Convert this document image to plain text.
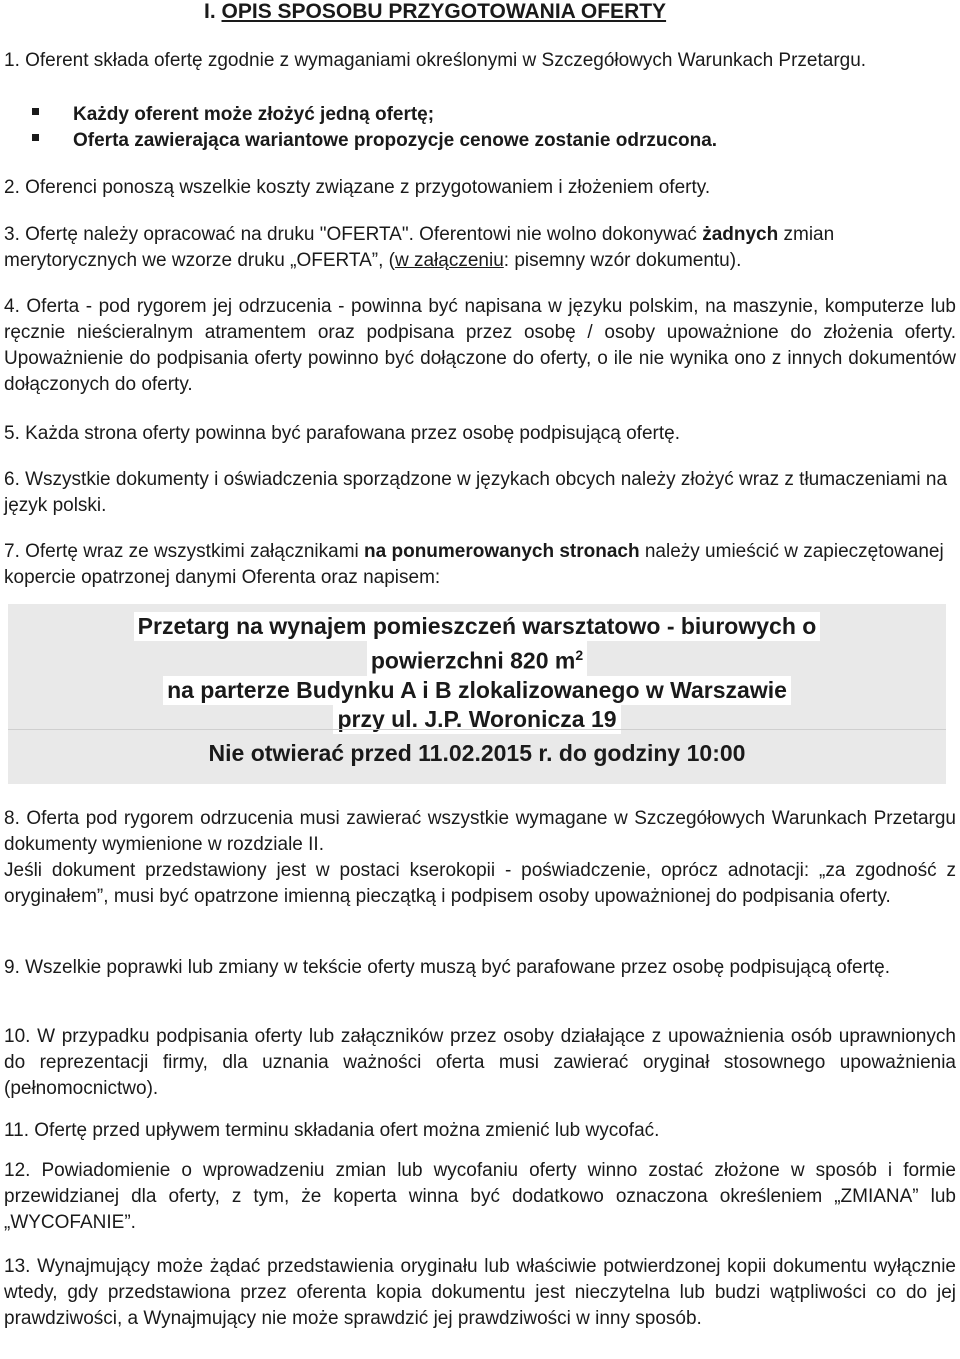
I. OPIS SPOSOBU PRZYGOTOWANIA OFERTY
1. Oferent składa ofertę zgodnie z wymaganiami określonymi w Szczegółowych Warunkach Przetargu.
Każdy oferent może złożyć jedną ofertę;
Oferta zawierająca wariantowe propozycje cenowe zostanie odrzucona.
2. Oferenci ponoszą wszelkie koszty związane z przygotowaniem i złożeniem oferty.
3. Ofertę należy opracować na druku "OFERTA". Oferentowi nie wolno dokonywać żadnych zmian merytorycznych we wzorze druku „OFERTA”, (w załączeniu: pisemny wzór dokumentu).
4. Oferta - pod rygorem jej odrzucenia - powinna być napisana w języku polskim, na maszynie, komputerze lub ręcznie nieścieralnym atramentem oraz podpisana przez osobę / osoby upoważnione do złożenia oferty. Upoważnienie do podpisania oferty powinno być dołączone do oferty, o ile nie wynika ono z innych dokumentów dołączonych do oferty.
5. Każda strona oferty powinna być parafowana przez osobę podpisującą ofertę.
6. Wszystkie dokumenty i oświadczenia sporządzone w językach obcych należy złożyć wraz z tłumaczeniami na język polski.
7. Ofertę wraz ze wszystkimi załącznikami na ponumerowanych stronach należy umieścić w zapieczętowanej kopercie opatrzonej danymi Oferenta oraz napisem:
Przetarg na wynajem pomieszczeń warsztatowo - biurowych o
powierzchni 820 $m^2$
na parterze Budynku A i B zlokalizowanego w Warszawie
przy ul. J.P. Woronicza 19
Nie otwierać przed 11.02.2015 r. do godziny 10:00
8. Oferta pod rygorem odrzucenia musi zawierać wszystkie wymagane w Szczegółowych Warunkach Przetargu dokumenty wymienione w rozdziale II.
Jeśli dokument przedstawiony jest w postaci kserokopii - poświadczenie, oprócz adnotacji: „za zgodność z oryginałem”, musi być opatrzone imienną pieczątką i podpisem osoby upoważnionej do podpisania oferty.
9. Wszelkie poprawki lub zmiany w tekście oferty muszą być parafowane przez osobę podpisującą ofertę.
10. W przypadku podpisania oferty lub załączników przez osoby działające z upoważnienia osób uprawnionych do reprezentacji firmy, dla uznania ważności oferta musi zawierać oryginał stosownego upoważnienia (pełnomocnictwo).
11. Ofertę przed upływem terminu składania ofert można zmienić lub wycofać.
12. Powiadomienie o wprowadzeniu zmian lub wycofaniu oferty winno zostać złożone w sposób i formie przewidzianej dla oferty, z tym, że koperta winna być dodatkowo oznaczona określeniem „ZMIANA” lub „WYCOFANIE”.
13. Wynajmujący może żądać przedstawienia oryginału lub właściwie potwierdzonej kopii dokumentu wyłącznie wtedy, gdy przedstawiona przez oferenta kopia dokumentu jest nieczytelna lub budzi wątpliwości co do jej prawdziwości, a Wynajmujący nie może sprawdzić jej prawdziwości w inny sposób.
